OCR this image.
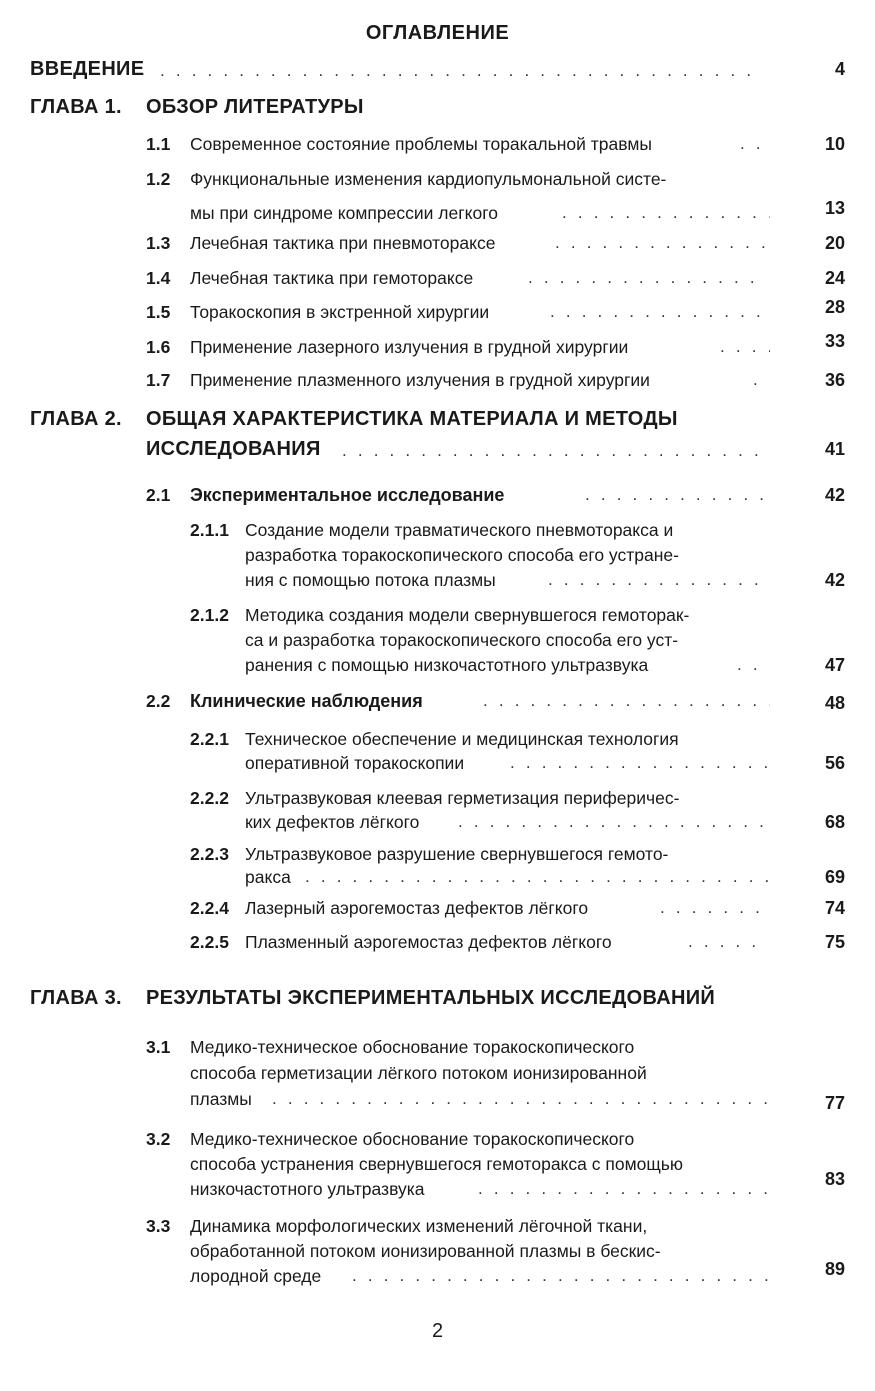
ОГЛАВЛЕНИЕ
ВВЕДЕНИЕ . . .	4
ГЛАВА 1. ОБЗОР ЛИТЕРАТУРЫ
1.1 Современное состояние проблемы торакальной травмы . . .	10
1.2 Функциональные изменения кардиопульмональной систе-
мы при синдроме компрессии легкого . . .	13
1.3 Лечебная тактика при пневмотораксе . . .	20
1.4 Лечебная тактика при гемотораксе . . .	24
1.5 Торакоскопия в экстренной хирургии . . .	28
1.6 Применение лазерного излучения в грудной хирургии . . .	33
1.7 Применение плазменного излучения в грудной хирургии . . .	36
ГЛАВА 2. ОБЩАЯ ХАРАКТЕРИСТИКА МАТЕРИАЛА И МЕТОДЫ
ИССЛЕДОВАНИЯ . . .	41
2.1 Экспериментальное исследование . . .	42
2.1.1 Создание модели травматического пневмоторакса и
разработка торакоскопического способа его устране-
ния с помощью потока плазмы . . .	42
2.1.2 Методика создания модели свернувшегося гемоторак-
са и разработка торакоскопического способа его уст-
ранения с помощью низкочастотного ультразвука . . .	47
2.2 Клинические наблюдения . . .	48
2.2.1 Техническое обеспечение и медицинская технология
оперативной торакоскопии . . .	56
2.2.2 Ультразвуковая клеевая герметизация периферичес-
ких дефектов лёгкого . . .	68
2.2.3 Ультразвуковое разрушение свернувшегося гемото-
ракса . . .	69
2.2.4 Лазерный аэрогемостаз дефектов лёгкого . . .	74
2.2.5 Плазменный аэрогемостаз дефектов лёгкого . . .	75
ГЛАВА 3. РЕЗУЛЬТАТЫ ЭКСПЕРИМЕНТАЛЬНЫХ ИССЛЕДОВАНИЙ
3.1 Медико-техническое обоснование торакоскопического
способа герметизации лёгкого потоком ионизированной
плазмы . . .	77
3.2 Медико-техническое обоснование торакоскопического
способа устранения свернувшегося гемоторакса с помощью
низкочастотного ультразвука . . .	83
3.3 Динамика морфологических изменений лёгочной ткани,
обработанной потоком ионизированной плазмы в бескис-
лородной среде . . .	89
2
